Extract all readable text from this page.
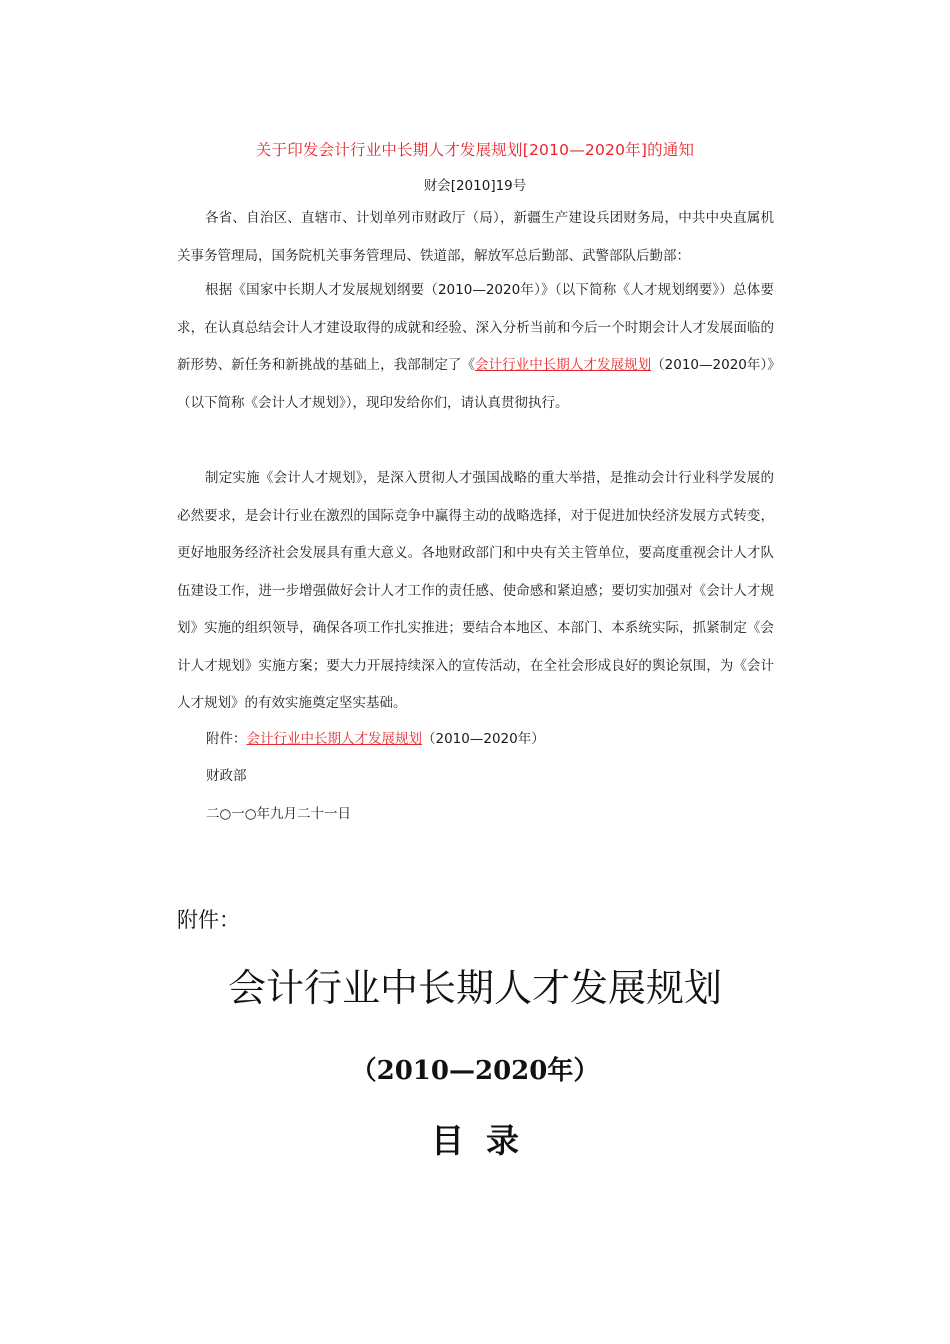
关于印发会计行业中长期人才发展规划[2010—2020年]的通知
财会[2010]19号

各省、自治区、直辖市、计划单列市财政厅（局），新疆生产建设兵团财务局，中共中央直属机关事务管理局，国务院机关事务管理局、铁道部，解放军总后勤部、武警部队后勤部：

根据《国家中长期人才发展规划纲要（2010—2020年）》（以下简称《人才规划纲要》）总体要求，在认真总结会计人才建设取得的成就和经验、深入分析当前和今后一个时期会计人才发展面临的新形势、新任务和新挑战的基础上，我部制定了《会计行业中长期人才发展规划（2010—2020年）》（以下简称《会计人才规划》），现印发给你们，请认真贯彻执行。

制定实施《会计人才规划》，是深入贯彻人才强国战略的重大举措，是推动会计行业科学发展的必然要求，是会计行业在激烈的国际竞争中赢得主动的战略选择，对于促进加快经济发展方式转变，更好地服务经济社会发展具有重大意义。各地财政部门和中央有关主管单位，要高度重视会计人才队伍建设工作，进一步增强做好会计人才工作的责任感、使命感和紧迫感；要切实加强对《会计人才规划》实施的组织领导，确保各项工作扎实推进；要结合本地区、本部门、本系统实际，抓紧制定《会计人才规划》实施方案；要大力开展持续深入的宣传活动，在全社会形成良好的舆论氛围，为《会计人才规划》的有效实施奠定坚实基础。

附件：会计行业中长期人才发展规划（2010—2020年）
财政部
二○一○年九月二十一日
附件：
会计行业中长期人才发展规划
（2010—2020年）
目录
